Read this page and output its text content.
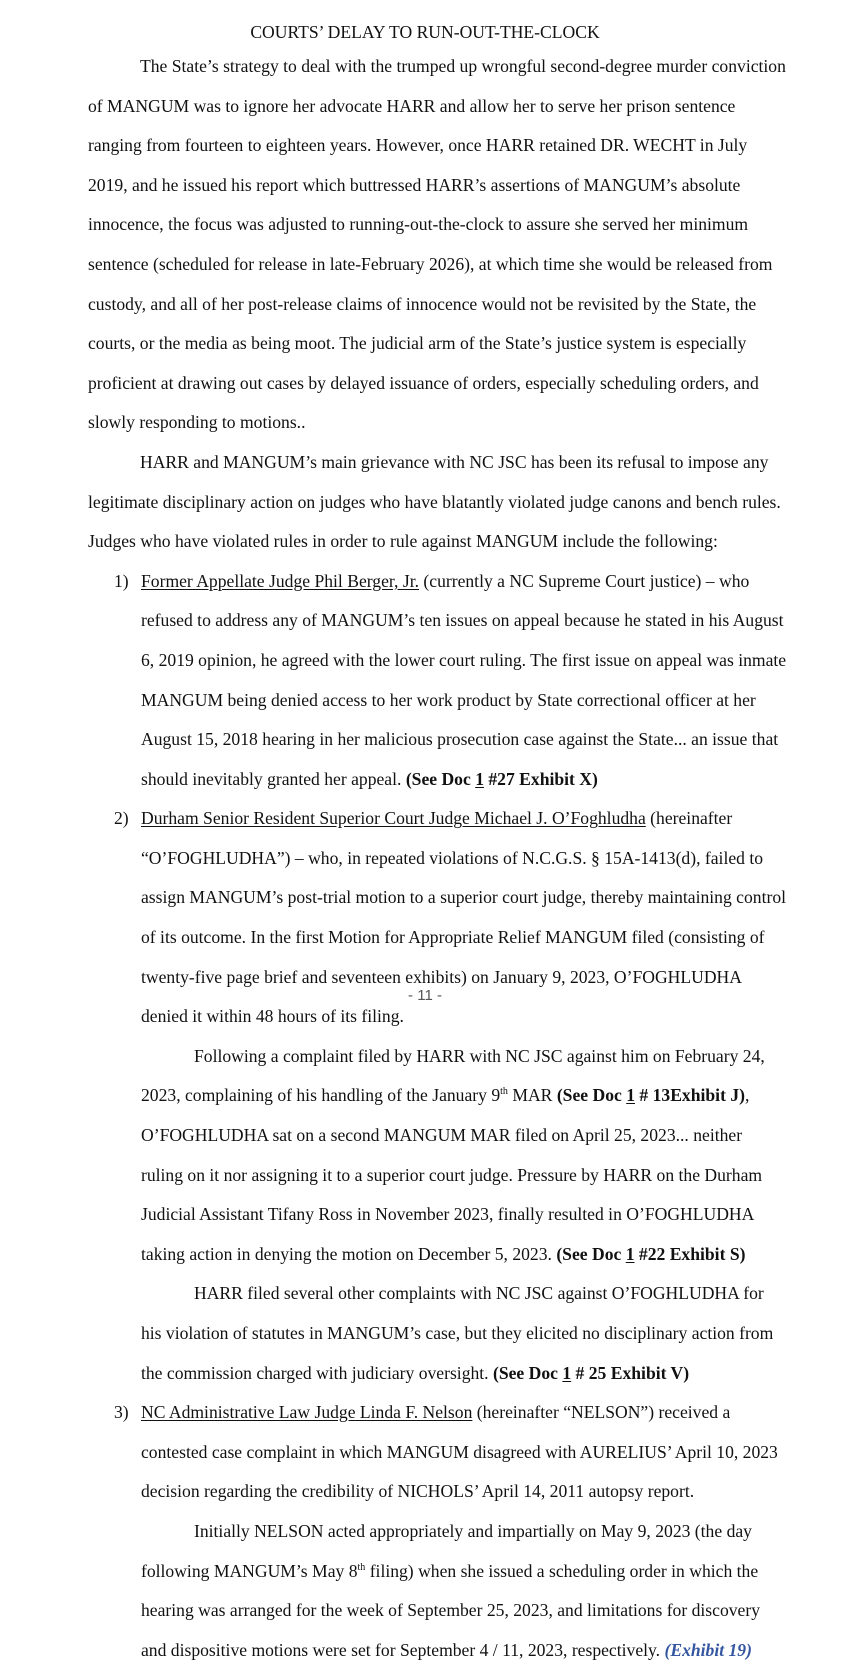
COURTS’ DELAY TO RUN-OUT-THE-CLOCK

The State’s strategy to deal with the trumped up wrongful second-degree murder conviction of MANGUM was to ignore her advocate HARR and allow her to serve her prison sentence ranging from fourteen to eighteen years. However, once HARR retained DR. WECHT in July 2019, and he issued his report which buttressed HARR’s assertions of MANGUM’s absolute innocence, the focus was adjusted to running-out-the-clock to assure she served her minimum sentence (scheduled for release in late-February 2026), at which time she would be released from custody, and all of her post-release claims of innocence would not be revisited by the State, the courts, or the media as being moot. The judicial arm of the State’s justice system is especially proficient at drawing out cases by delayed issuance of orders, especially scheduling orders, and slowly responding to motions..

HARR and MANGUM’s main grievance with NC JSC has been its refusal to impose any legitimate disciplinary action on judges who have blatantly violated judge canons and bench rules. Judges who have violated rules in order to rule against MANGUM include the following:

1) Former Appellate Judge Phil Berger, Jr. (currently a NC Supreme Court justice) – who refused to address any of MANGUM’s ten issues on appeal because he stated in his August 6, 2019 opinion, he agreed with the lower court ruling. The first issue on appeal was inmate MANGUM being denied access to her work product by State correctional officer at her August 15, 2018 hearing in her malicious prosecution case against the State... an issue that should inevitably granted her appeal. (See Doc 1 #27 Exhibit X)
2) Durham Senior Resident Superior Court Judge Michael J. O’Foghludha (hereinafter “O’FOGHLUDHA”) – who, in repeated violations of N.C.G.S. § 15A-1413(d), failed to assign MANGUM’s post-trial motion to a superior court judge, thereby maintaining control of its outcome. In the first Motion for Appropriate Relief MANGUM filed (consisting of twenty-five page brief and seventeen exhibits) on January 9, 2023, O’FOGHLUDHA denied it within 48 hours of its filing.

Following a complaint filed by HARR with NC JSC against him on February 24, 2023, complaining of his handling of the January 9th MAR (See Doc 1 # 13Exhibit J), O’FOGHLUDHA sat on a second MANGUM MAR filed on April 25, 2023... neither ruling on it nor assigning it to a superior court judge. Pressure by HARR on the Durham Judicial Assistant Tifany Ross in November 2023, finally resulted in O’FOGHLUDHA taking action in denying the motion on December 5, 2023. (See Doc 1 #22 Exhibit S)

HARR filed several other complaints with NC JSC against O’FOGHLUDHA for his violation of statutes in MANGUM’s case, but they elicited no disciplinary action from the commission charged with judiciary oversight. (See Doc 1 # 25 Exhibit V)

3) NC Administrative Law Judge Linda F. Nelson (hereinafter “NELSON”) received a contested case complaint in which MANGUM disagreed with AURELIUS’ April 10, 2023 decision regarding the credibility of NICHOLS’ April 14, 2011 autopsy report.

Initially NELSON acted appropriately and impartially on May 9, 2023 (the day following MANGUM’s May 8th filing) when she issued a scheduling order in which the hearing was arranged for the week of September 25, 2023, and limitations for discovery and dispositive motions were set for September 4 / 11, 2023, respectively. (Exhibit 19)

- 11 -
